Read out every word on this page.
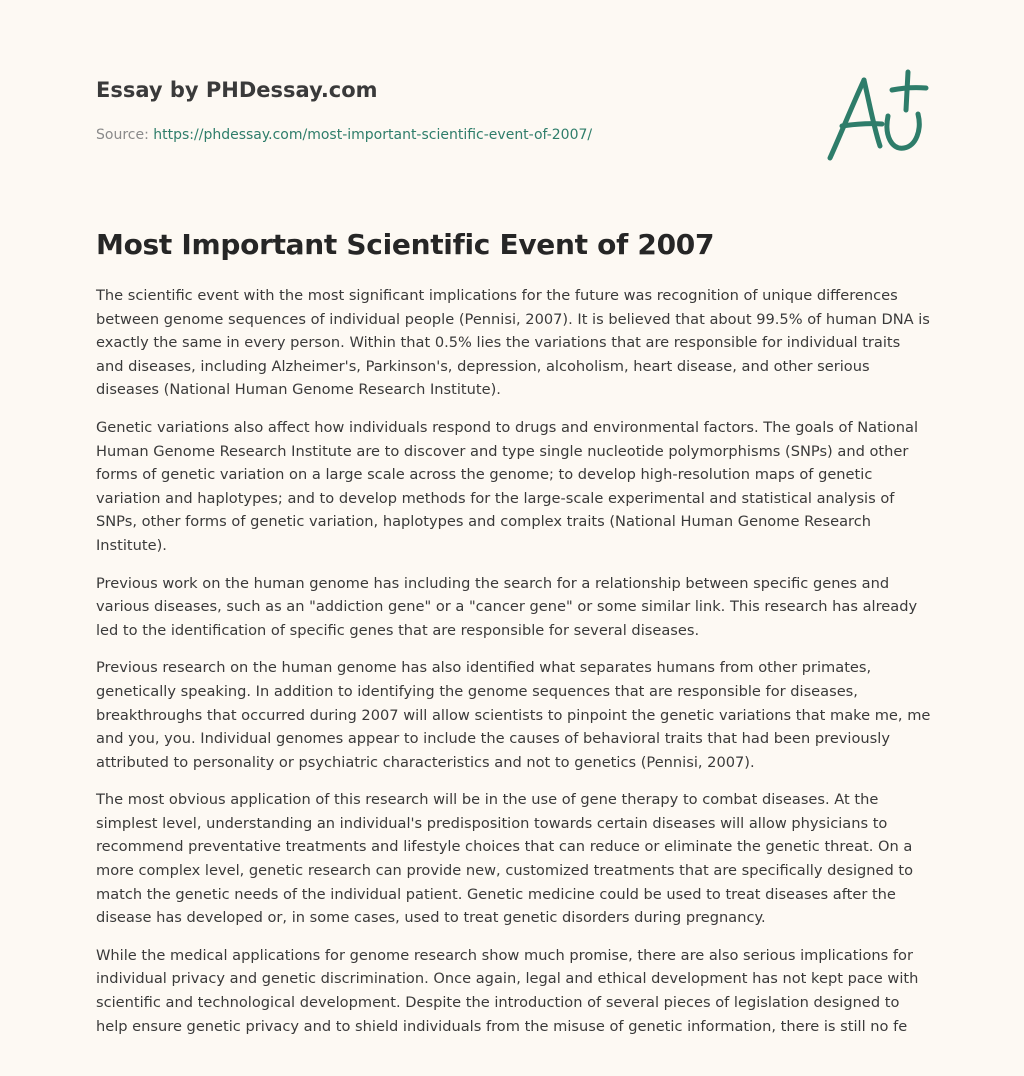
Essay by PHDessay.com
Source: https://phdessay.com/most-important-scientific-event-of-2007/
Most Important Scientific Event of 2007

The scientific event with the most significant implications for the future was recognition of unique differences between genome sequences of individual people (Pennisi, 2007). It is believed that about 99.5% of human DNA is exactly the same in every person. Within that 0.5% lies the variations that are responsible for individual traits and diseases, including Alzheimer's, Parkinson's, depression, alcoholism, heart disease, and other serious diseases (National Human Genome Research Institute).

Genetic variations also affect how individuals respond to drugs and environmental factors. The goals of National Human Genome Research Institute are to discover and type single nucleotide polymorphisms (SNPs) and other forms of genetic variation on a large scale across the genome; to develop high-resolution maps of genetic variation and haplotypes; and to develop methods for the large-scale experimental and statistical analysis of SNPs, other forms of genetic variation, haplotypes and complex traits (National Human Genome Research Institute).

Previous work on the human genome has including the search for a relationship between specific genes and various diseases, such as an "addiction gene" or a "cancer gene" or some similar link. This research has already led to the identification of specific genes that are responsible for several diseases.

Previous research on the human genome has also identified what separates humans from other primates, genetically speaking. In addition to identifying the genome sequences that are responsible for diseases, breakthroughs that occurred during 2007 will allow scientists to pinpoint the genetic variations that make me, me and you, you. Individual genomes appear to include the causes of behavioral traits that had been previously attributed to personality or psychiatric characteristics and not to genetics (Pennisi, 2007).

The most obvious application of this research will be in the use of gene therapy to combat diseases. At the simplest level, understanding an individual's predisposition towards certain diseases will allow physicians to recommend preventative treatments and lifestyle choices that can reduce or eliminate the genetic threat. On a more complex level, genetic research can provide new, customized treatments that are specifically designed to match the genetic needs of the individual patient. Genetic medicine could be used to treat diseases after the disease has developed or, in some cases, used to treat genetic disorders during pregnancy.

While the medical applications for genome research show much promise, there are also serious implications for individual privacy and genetic discrimination. Once again, legal and ethical development has not kept pace with scientific and technological development. Despite the introduction of several pieces of legislation designed to help ensure genetic privacy and to shield individuals from the misuse of genetic information, there is still no fe
